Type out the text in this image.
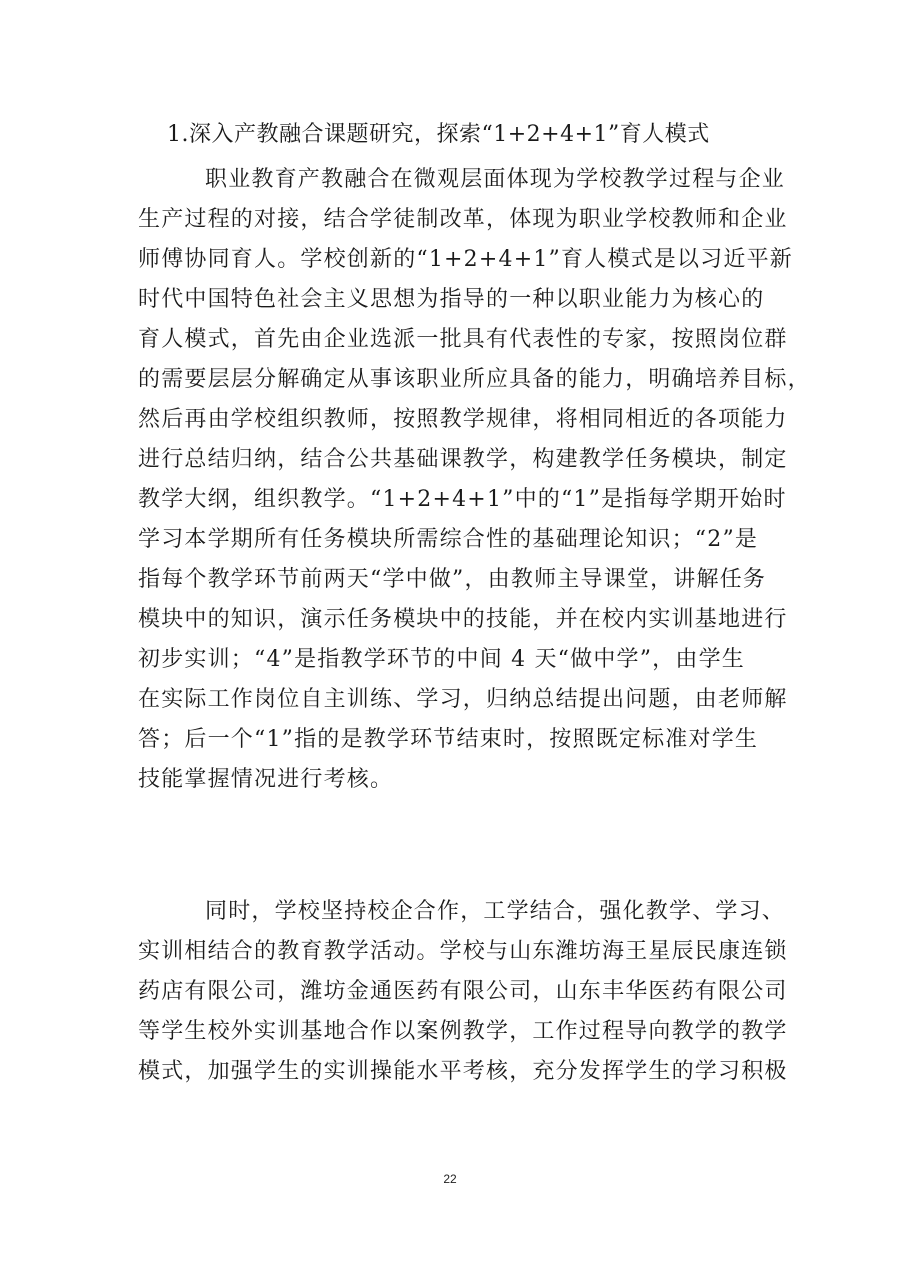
1.深入产教融合课题研究，探索“1+2+4+1”育人模式
职业教育产教融合在微观层面体现为学校教学过程与企业
生产过程的对接，结合学徒制改革，体现为职业学校教师和企业
师傅协同育人。学校创新的“1+2+4+1”育人模式是以习近平新
时代中国特色社会主义思想为指导的一种以职业能力为核心的
育人模式，首先由企业选派一批具有代表性的专家，按照岗位群
的需要层层分解确定从事该职业所应具备的能力，明确培养目标，
然后再由学校组织教师，按照教学规律，将相同相近的各项能力
进行总结归纳，结合公共基础课教学，构建教学任务模块，制定
教学大纲，组织教学。“1+2+4+1”中的“1”是指每学期开始时
学习本学期所有任务模块所需综合性的基础理论知识；“2”是
指每个教学环节前两天“学中做”，由教师主导课堂，讲解任务
模块中的知识，演示任务模块中的技能，并在校内实训基地进行
初步实训；“4”是指教学环节的中间 4 天“做中学”，由学生
在实际工作岗位自主训练、学习，归纳总结提出问题，由老师解
答；后一个“1”指的是教学环节结束时，按照既定标准对学生
技能掌握情况进行考核。
同时，学校坚持校企合作，工学结合，强化教学、学习、
实训相结合的教育教学活动。学校与山东潍坊海王星辰民康连锁
药店有限公司，潍坊金通医药有限公司，山东丰华医药有限公司
等学生校外实训基地合作以案例教学，工作过程导向教学的教学
模式，加强学生的实训操能水平考核，充分发挥学生的学习积极
22
